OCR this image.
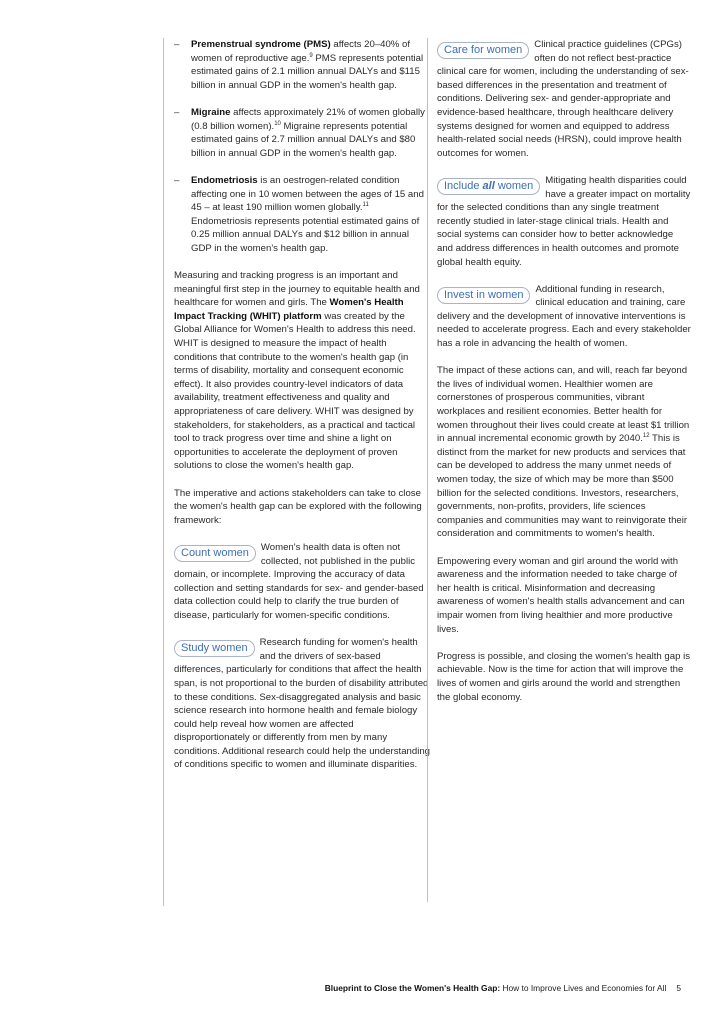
– Premenstrual syndrome (PMS) affects 20–40% of women of reproductive age.$^9$ PMS represents potential estimated gains of 2.1 million annual DALYs and $115 billion in annual GDP in the women's health gap.
– Migraine affects approximately 21% of women globally (0.8 billion women).$^{10}$ Migraine represents potential estimated gains of 2.7 million annual DALYs and $80 billion in annual GDP in the women's health gap.
– Endometriosis is an oestrogen-related condition affecting one in 10 women between the ages of 15 and 45 – at least 190 million women globally.$^{11}$ Endometriosis represents potential estimated gains of 0.25 million annual DALYs and $12 billion in annual GDP in the women's health gap.

Measuring and tracking progress is an important and meaningful first step in the journey to equitable health and healthcare for women and girls. The Women's Health Impact Tracking (WHIT) platform was created by the Global Alliance for Women's Health to address this need. WHIT is designed to measure the impact of health conditions that contribute to the women's health gap (in terms of disability, mortality and consequent economic effect). It also provides country-level indicators of data availability, treatment effectiveness and quality and appropriateness of care delivery. WHIT was designed by stakeholders, for stakeholders, as a practical and tactical tool to track progress over time and shine a light on opportunities to accelerate the deployment of proven solutions to close the women's health gap.

The imperative and actions stakeholders can take to close the women's health gap can be explored with the following framework:

Count women	Women's health data is often not collected, not published in the public domain, or incomplete. Improving the accuracy of data collection and setting standards for sex- and gender-based data collection could help to clarify the true burden of disease, particularly for women-specific conditions.
Study women	Research funding for women's health and the drivers of sex-based differences, particularly for conditions that affect the health span, is not proportional to the burden of disability attributed to these conditions. Sex-disaggregated analysis and basic science research into hormone health and female biology could help reveal how women are affected disproportionately or differently from men by many conditions. Additional research could help the understanding of conditions specific to women and illuminate disparities.
Care for women	Clinical practice guidelines (CPGs) often do not reflect best-practice clinical care for women, including the understanding of sex-based differences in the presentation and treatment of conditions. Delivering sex- and gender-appropriate and evidence-based healthcare, through healthcare delivery systems designed for women and equipped to address health-related social needs (HRSN), could improve health outcomes for women.
Include all women	Mitigating health disparities could have a greater impact on mortality for the selected conditions than any single treatment recently studied in later-stage clinical trials. Health and social systems can consider how to better acknowledge and address differences in health outcomes and promote global health equity.
Invest in women	Additional funding in research, clinical education and training, care delivery and the development of innovative interventions is needed to accelerate progress. Each and every stakeholder has a role in advancing the health of women.

The impact of these actions can, and will, reach far beyond the lives of individual women. Healthier women are cornerstones of prosperous communities, vibrant workplaces and resilient economies. Better health for women throughout their lives could create at least $1 trillion in annual incremental economic growth by 2040.12 This is distinct from the market for new products and services that can be developed to address the many unmet needs of women today, the size of which may be more than $500 billion for the selected conditions. Investors, researchers, governments, non-profits, providers, life sciences companies and communities may want to reinvigorate their consideration and commitments to women's health.

Empowering every woman and girl around the world with awareness and the information needed to take charge of her health is critical. Misinformation and decreasing awareness of women's health stalls advancement and can impair women from living healthier and more productive lives.

Progress is possible, and closing the women's health gap is achievable. Now is the time for action that will improve the lives of women and girls around the world and strengthen the global economy.

Blueprint to Close the Women's Health Gap: How to Improve Lives and Economies for All 5
